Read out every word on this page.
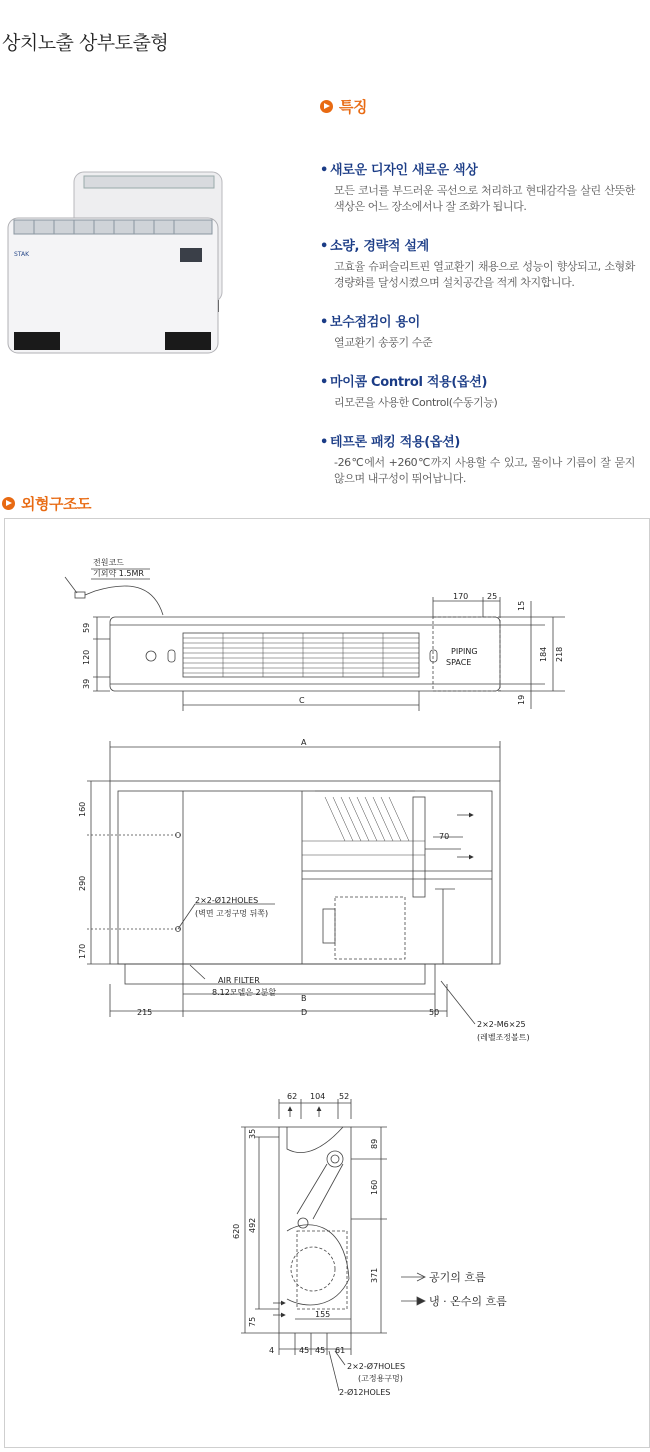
상치노출 상부토출형
STAK
특징
• 새로운 디자인 새로운 색상
모든 코너를 부드러운 곡선으로 처리하고 현대감각을 살린 산뜻한 색상은 어느 장소에서나 잘 조화가 됩니다.
• 소량, 경략적 설계
고효율 슈퍼슬리트핀 열교환기 채용으로 성능이 향상되고, 소형화 경량화를 달성시켰으며 설치공간을 적게 차지합니다.
• 보수점검이 용이
열교환기 송풍기 수준
• 마이콤 Control 적용(옵션)
리모콘을 사용한 Control(수동기능)
• 테프론 패킹 적용(옵션)
-26℃에서 +260℃까지 사용할 수 있고, 물이나 기름이 잘 묻지 않으며 내구성이 뛰어납니다.
외형구조도
전원코드
기외약 1.5MR
PIPING
SPACE
170 25
15
184 218
19
59
120
39
C
A
160
290
170
70
2×2-Ø12HOLES
(벽면 고정구멍 뒤쪽)
AIR FILTER
8.12모델은 2분할
B
215	D	50
2×2-M6×25
(레벨조정볼트)
62 104 52
35
620 492
75
89
160
371
155
4	45 45 61
2×2-Ø7HOLES
(고정용구멍)
2-Ø12HOLES
공기의 흐름
냉 · 온수의 흐름
